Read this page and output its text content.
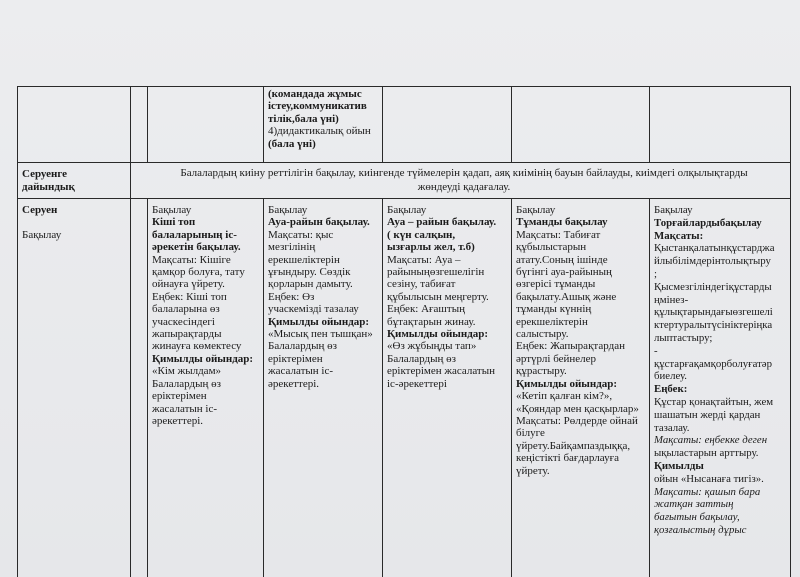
(командада жұмыс
істеу,коммуникатив
тілік,бала үні)
4)дидактикалық ойын
(бала үні)
Серуенге
дайындық
Балалардың киіну реттілігін бақылау, киінгенде түймелерін қадап, аяқ киімінің бауын байлауды, киімдегі олқылықтарды
жөндеуді қадағалау.
Серуен
Бақылау
Бақылау
Кіші топ
балаларының іс-
әрекетін бақылау.
Мақсаты: Кішіге
қамқор болуға, тату
ойнауға үйрету.
Еңбек: Кіші топ
балаларына өз
учаскесіндегі
жапырақтарды
жинауға көмектесу
Қимылды ойындар:
«Кім жылдам»
Балалардың өз
еріктерімен
жасалатын іс-
әрекеттері.
Бақылау
Ауа-райын бақылау.
Мақсаты: қыс
мезгілінің
ерекшеліктерін
ұғындыру. Сөздік
қорларын дамыту.
Еңбек: Өз
учаскемізді тазалау
Қимылды ойындар:
«Мысық пен тышқан»
Балалардың өз
еріктерімен
жасалатын іс-
әрекеттері.
Бақылау
Ауа – райын бақылау.
( күн салқын,
ызғарлы жел, т.б)
Мақсаты: Ауа –
райыныңөзгешелігін
сезіну, табиғат
құбылысын меңгерту.
Еңбек: Ағаштың
бұтақтарын жинау.
Қимылды ойындар:
«Өз жұбыңды тап»
Балалардың өз
еріктерімен жасалатын
іс-әрекеттері
Бақылау
Тұманды бақылау
Мақсаты: Табиғат
құбылыстарын
атату.Соның ішінде
бүгінгі ауа-райының
өзгерісі тұманды
бақылату.Ашық және
тұманды күннің
ерекшеліктерін
салыстыру.
Еңбек: Жапырақтардан
әртүрлі бейнелер
құрастыру.
Қимылды ойындар:
«Кетіп қалған кім?»,
«Қояндар мен қасқырлар»
Мақсаты: Рөлдерде ойнай
білуге
үйрету.Байқампаздыққа,
кеңістікті бағдарлауға
үйрету.
Бақылау
Торғайлардыбақылау
Мақсаты:
Қыстанқалатынқұстарджа
йлыбілімдерінтолықтыру
;
Қысмезгіліндегіқұстарды
ңмінез-
құлықтарындағыөзгешелі
ктертуралытүсініктеріңка
лыптастыру;
-
құстарғақамқорболуғатәр
биелеу.
Еңбек:
Құстар қонақтайтын, жем
шашатын жерді қардан
тазалау.
Мақсаты: еңбекке деген
ықыластарын арттыру.
Қимылды
ойын «Нысанаға тигіз».
Мақсаты: қашып бара
жатқан заттың
бағытын бақылау,
қозғалыстың дұрыс
